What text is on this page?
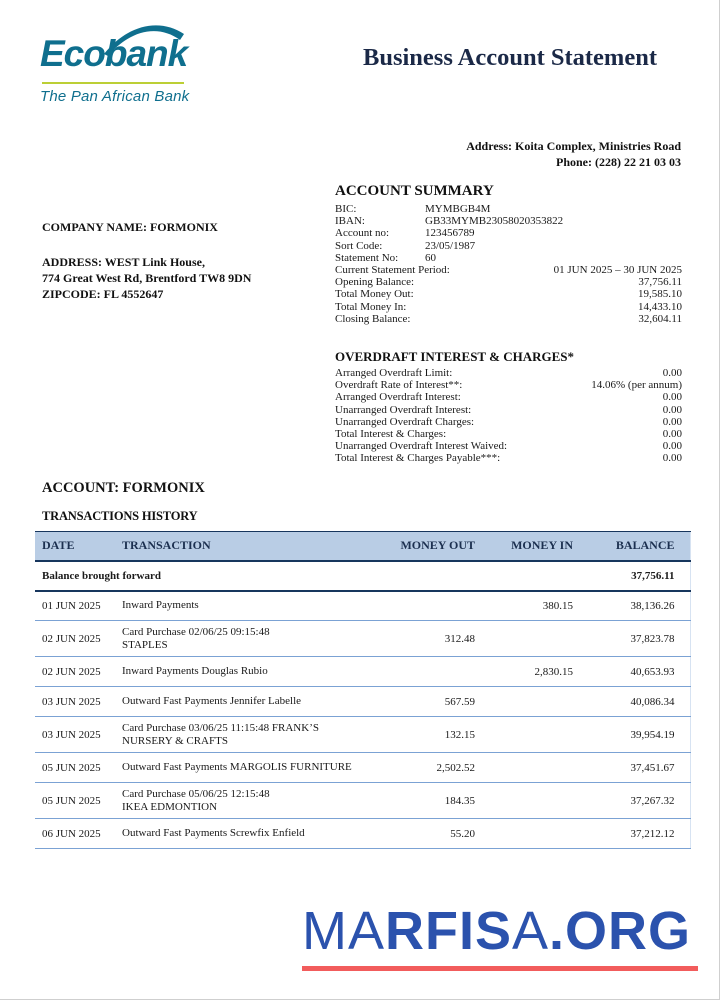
Ecobank
The Pan African Bank
Business Account Statement
Address: Koita Complex, Ministries Road
Phone: (228) 22 21 03 03
COMPANY NAME: FORMONIX
ADDRESS: WEST Link House,
774 Great West Rd, Brentford TW8 9DN
ZIPCODE: FL 4552647
ACCOUNT SUMMARY
BIC:	MYMBGB4M
IBAN:	GB33MYMB23058020353822
Account no:	123456789
Sort Code:	23/05/1987
Statement No: 60
Current Statement Period:	01 JUN 2025 – 30 JUN 2025
Opening Balance:	37,756.11
Total Money Out:	19,585.10
Total Money In:	14,433.10
Closing Balance:	32,604.11
OVERDRAFT INTEREST & CHARGES*
Arranged Overdraft Limit:	0.00
Overdraft Rate of Interest**:	14.06% (per annum)
Arranged Overdraft Interest:	0.00
Unarranged Overdraft Interest:	0.00
Unarranged Overdraft Charges:	0.00
Total Interest & Charges:	0.00
Unarranged Overdraft Interest Waived:	0.00
Total Interest & Charges Payable***:	0.00
ACCOUNT: FORMONIX
TRANSACTIONS HISTORY
DATE	TRANSACTION	MONEY OUT	MONEY IN	BALANCE
Balance brought forward				37,756.11
01 JUN 2025	Inward Payments		380.15	38,136.26
02 JUN 2025	Card Purchase 02/06/25 09:15:48
STAPLES	312.48		37,823.78
02 JUN 2025	Inward Payments Douglas Rubio		2,830.15	40,653.93
03 JUN 2025	Outward Fast Payments Jennifer Labelle	567.59		40,086.34
03 JUN 2025	Card Purchase 03/06/25 11:15:48 FRANK’S
NURSERY & CRAFTS	132.15		39,954.19
05 JUN 2025	Outward Fast Payments MARGOLIS FURNITURE	2,502.52		37,451.67
05 JUN 2025	Card Purchase 05/06/25 12:15:48
IKEA EDMONTION	184.35		37,267.32
06 JUN 2025	Outward Fast Payments Screwfix Enfield	55.20		37,212.12
MARFISA.ORG
